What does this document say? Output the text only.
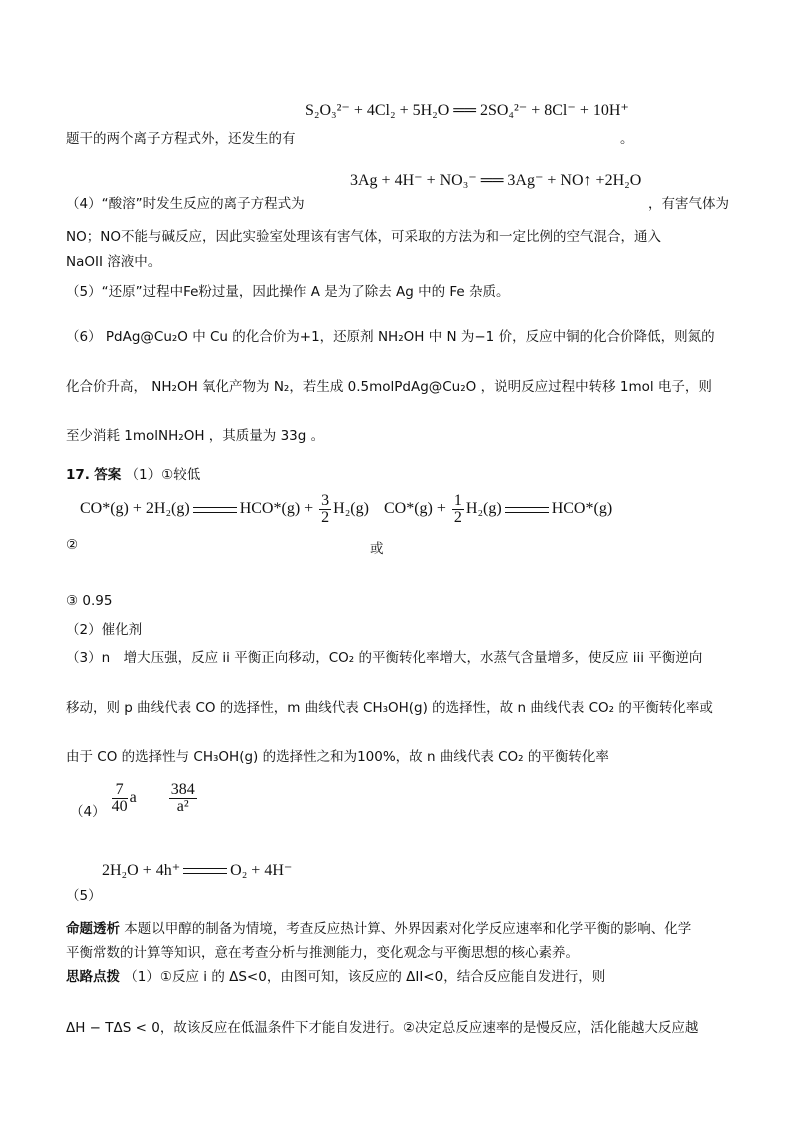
S₂O₃²⁻ + 4Cl₂ + 5H₂O ══ 2SO₄²⁻ + 8Cl⁻ + 10H⁺
题干的两个离子方程式外，还发生的有	。
3Ag + 4H⁻ + NO₃⁻ ══ 3Ag⁻ + NO↑ +2H₂O
（4）“酸溶”时发生反应的离子方程式为	，有害气体为
NO；NO不能与碱反应，因此实验室处理该有害气体，可采取的方法为和一定比例的空气混合，通入
NaOII 溶液中。
（5）“还原”过程中Fe粉过量，因此操作 A 是为了除去 Ag 中的 Fe 杂质。
（6） PdAg@Cu₂O 中 Cu 的化合价为+1，还原剂 NH₂OH 中 N 为−1 价，反应中铜的化合价降低，则氮的
化合价升高， NH₂OH 氧化产物为 N₂，若生成 0.5molPdAg@Cu₂O ，说明反应过程中转移 1mol 电子，则
至少消耗 1molNH₂OH ，其质量为 33g 。
17. 答案 （1）①较低
CO*(g) + 2H₂(g)	$HCO*(g) + \frac{3}{2} H_2(g) CO*(g) + \frac{1}{2} H_2(g)$	HCO*(g)
②	或
③ 0.95
（2）催化剂
（3）n　增大压强，反应 ii 平衡正向移动，CO₂ 的平衡转化率增大，水蒸气含量增多，使反应 iii 平衡逆向
移动，则 p 曲线代表 CO 的选择性，m 曲线代表 CH₃OH(g) 的选择性，故 n 曲线代表 CO₂ 的平衡转化率或
由于 CO 的选择性与 CH₃OH(g) 的选择性之和为100%，故 n 曲线代表 CO₂ 的平衡转化率
$_{(4)} \frac{7}{40}$ a $\frac{384}{\text{a²}}$
2H₂O + 4h⁺	O₂ + 4H⁻
（5）
命题透析 本题以甲醇的制备为情境，考查反应热计算、外界因素对化学反应速率和化学平衡的影响、化学
平衡常数的计算等知识，意在考查分析与推测能力，变化观念与平衡思想的核心素养。
思路点拨 （1）①反应 i 的 ΔS<0，由图可知，该反应的 ΔII<0，结合反应能自发进行，则
ΔH − TΔS < 0，故该反应在低温条件下才能自发进行。②决定总反应速率的是慢反应，活化能越大反应越
